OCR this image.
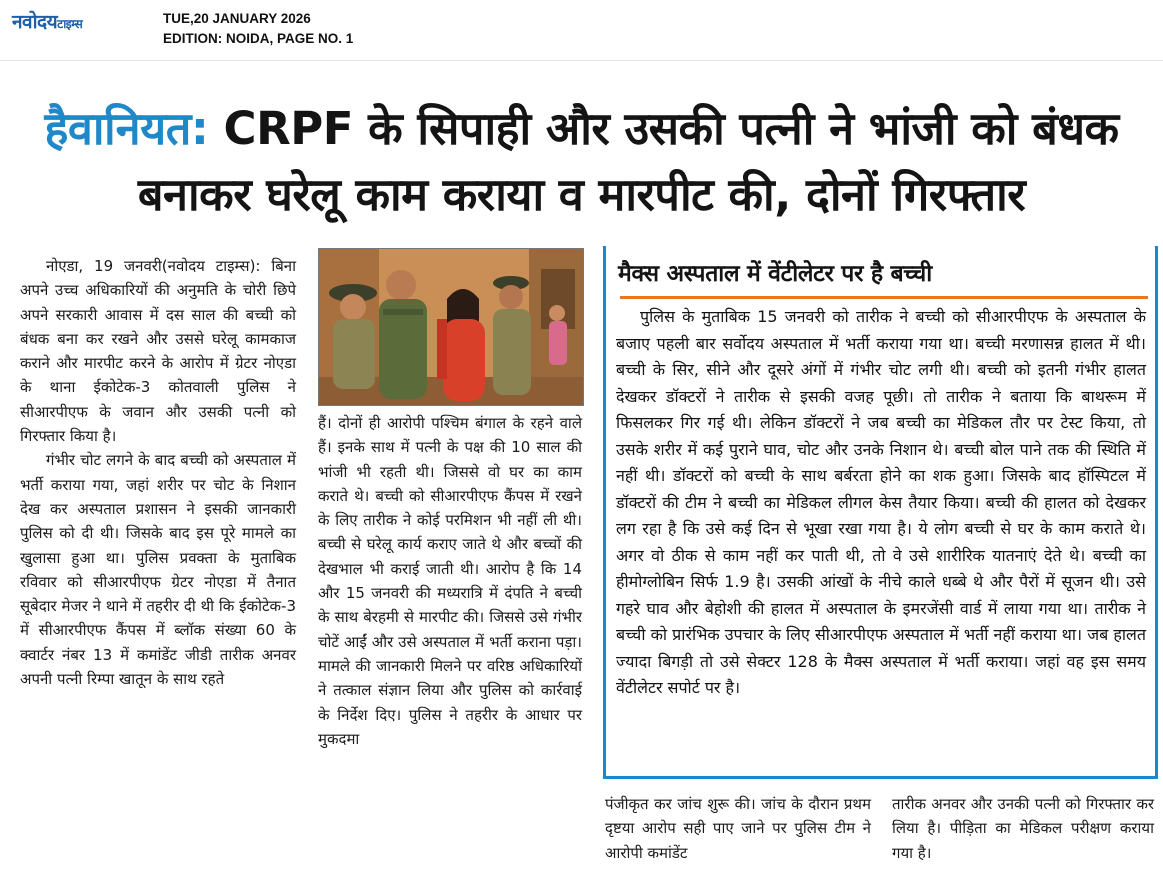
नवोदयटाइम्स	TUE,20 JANUARY 2026
EDITION: NOIDA, PAGE NO. 1
हैवानियत: CRPF के सिपाही और उसकी पत्नी ने भांजी को बंधक
बनाकर घरेलू काम कराया व मारपीट की, दोनों गिरफ्तार

नोएडा, 19 जनवरी(नवोदय टाइम्स): बिना अपने उच्च अधिकारियों की अनुमति के चोरी छिपे अपने सरकारी आवास में दस साल की बच्ची को बंधक बना कर रखने और उससे घरेलू कामकाज कराने और मारपीट करने के आरोप में ग्रेटर नोएडा के थाना ईकोटेक-3 कोतवाली पुलिस ने सीआरपीएफ के जवान और उसकी पत्नी को गिरफ्तार किया है।

गंभीर चोट लगने के बाद बच्ची को अस्पताल में भर्ती कराया गया, जहां शरीर पर चोट के निशान देख कर अस्पताल प्रशासन ने इसकी जानकारी पुलिस को दी थी। जिसके बाद इस पूरे मामले का खुलासा हुआ था। पुलिस प्रवक्ता के मुताबिक रविवार को सीआरपीएफ ग्रेटर नोएडा में तैनात सूबेदार मेजर ने थाने में तहरीर दी थी कि ईकोटेक-3 में सीआरपीएफ कैंपस में ब्लॉक संख्या 60 के क्वार्टर नंबर 13 में कमांडेंट जीडी तारीक अनवर अपनी पत्नी रिम्पा खातून के साथ रहते

हैं। दोनों ही आरोपी पश्चिम बंगाल के रहने वाले हैं। इनके साथ में पत्नी के पक्ष की 10 साल की भांजी भी रहती थी। जिससे वो घर का काम कराते थे। बच्ची को सीआरपीएफ कैंपस में रखने के लिए तारीक ने कोई परमिशन भी नहीं ली थी। बच्ची से घरेलू कार्य कराए जाते थे और बच्चों की देखभाल भी कराई जाती थी। आरोप है कि 14 और 15 जनवरी की मध्यरात्रि में दंपति ने बच्ची के साथ बेरहमी से मारपीट की। जिससे उसे गंभीर चोटें आईं और उसे अस्पताल में भर्ती कराना पड़ा। मामले की जानकारी मिलने पर वरिष्ठ अधिकारियों ने तत्काल संज्ञान लिया और पुलिस को कार्रवाई के निर्देश दिए। पुलिस ने तहरीर के आधार पर मुकदमा

मैक्स अस्पताल में वेंटीलेटर पर है बच्ची

पुलिस के मुताबिक 15 जनवरी को तारीक ने बच्ची को सीआरपीएफ के अस्पताल के बजाए पहली बार सर्वोदय अस्पताल में भर्ती कराया गया था। बच्ची मरणासन्न हालत में थी। बच्ची के सिर, सीने और दूसरे अंगों में गंभीर चोट लगी थी। बच्ची को इतनी गंभीर हालत देखकर डॉक्टरों ने तारीक से इसकी वजह पूछी। तो तारीक ने बताया कि बाथरूम में फिसलकर गिर गई थी। लेकिन डॉक्टरों ने जब बच्ची का मेडिकल तौर पर टेस्ट किया, तो उसके शरीर में कई पुराने घाव, चोट और उनके निशान थे। बच्ची बोल पाने तक की स्थिति में नहीं थी। डॉक्टरों को बच्ची के साथ बर्बरता होने का शक हुआ। जिसके बाद हॉस्पिटल में डॉक्टरों की टीम ने बच्ची का मेडिकल लीगल केस तैयार किया। बच्ची की हालत को देखकर लग रहा है कि उसे कई दिन से भूखा रखा गया है। ये लोग बच्ची से घर के काम कराते थे। अगर वो ठीक से काम नहीं कर पाती थी, तो वे उसे शारीरिक यातनाएं देते थे। बच्ची का हीमोग्लोबिन सिर्फ 1.9 है। उसकी आंखों के नीचे काले धब्बे थे और पैरों में सूजन थी। उसे गहरे घाव और बेहोशी की हालत में अस्पताल के इमरजेंसी वार्ड में लाया गया था। तारीक ने बच्ची को प्रारंभिक उपचार के लिए सीआरपीएफ अस्पताल में भर्ती नहीं कराया था। जब हालत ज्यादा बिगड़ी तो उसे सेक्टर 128 के मैक्स अस्पताल में भर्ती कराया। जहां वह इस समय वेंटीलेटर सपोर्ट पर है।

पंजीकृत कर जांच शुरू की। जांच के दौरान प्रथम दृष्टया आरोप सही पाए जाने पर पुलिस टीम ने आरोपी कमांडेंट

तारीक अनवर और उनकी पत्नी को गिरफ्तार कर लिया है। पीड़िता का मेडिकल परीक्षण कराया गया है।
